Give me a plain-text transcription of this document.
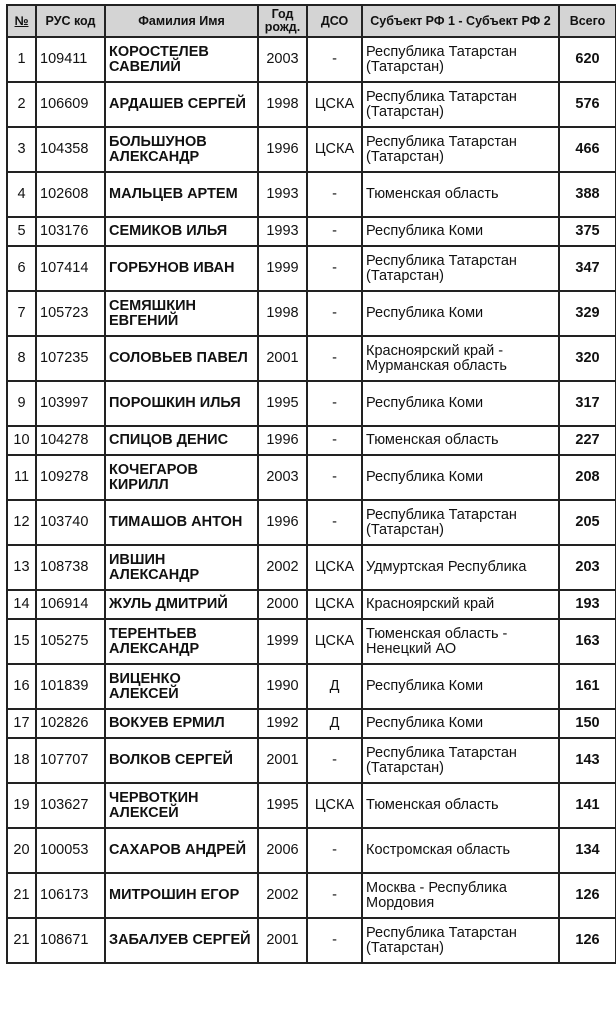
№	РУС код	Фамилия Имя	Год рожд.	ДСО	Субъект РФ 1 - Субъект РФ 2	Всего
1	109411	КОРОСТЕЛЕВ САВЕЛИЙ	2003	-	Республика Татарстан (Татарстан)	620
2	106609	АРДАШЕВ СЕРГЕЙ	1998	ЦСКА	Республика Татарстан (Татарстан)	576
3	104358	БОЛЬШУНОВ АЛЕКСАНДР	1996	ЦСКА	Республика Татарстан (Татарстан)	466
4	102608	МАЛЬЦЕВ АРТЕМ	1993	-	Тюменская область	388
5	103176	СЕМИКОВ ИЛЬЯ	1993	-	Республика Коми	375
6	107414	ГОРБУНОВ ИВАН	1999	-	Республика Татарстан (Татарстан)	347
7	105723	СЕМЯШКИН ЕВГЕНИЙ	1998	-	Республика Коми	329
8	107235	СОЛОВЬЕВ ПАВЕЛ	2001	-	Красноярский край - Мурманская область	320
9	103997	ПОРОШКИН ИЛЬЯ	1995	-	Республика Коми	317
10	104278	СПИЦОВ ДЕНИС	1996	-	Тюменская область	227
11	109278	КОЧЕГАРОВ КИРИЛЛ	2003	-	Республика Коми	208
12	103740	ТИМАШОВ АНТОН	1996	-	Республика Татарстан (Татарстан)	205
13	108738	ИВШИН АЛЕКСАНДР	2002	ЦСКА	Удмуртская Республика	203
14	106914	ЖУЛЬ ДМИТРИЙ	2000	ЦСКА	Красноярский край	193
15	105275	ТЕРЕНТЬЕВ АЛЕКСАНДР	1999	ЦСКА	Тюменская область - Ненецкий АО	163
16	101839	ВИЦЕНКО АЛЕКСЕЙ	1990	Д	Республика Коми	161
17	102826	ВОКУЕВ ЕРМИЛ	1992	Д	Республика Коми	150
18	107707	ВОЛКОВ СЕРГЕЙ	2001	-	Республика Татарстан (Татарстан)	143
19	103627	ЧЕРВОТКИН АЛЕКСЕЙ	1995	ЦСКА	Тюменская область	141
20	100053	САХАРОВ АНДРЕЙ	2006	-	Костромская область	134
21	106173	МИТРОШИН ЕГОР	2002	-	Москва - Республика Мордовия	126
21	108671	ЗАБАЛУЕВ СЕРГЕЙ	2001	-	Республика Татарстан (Татарстан)	126
